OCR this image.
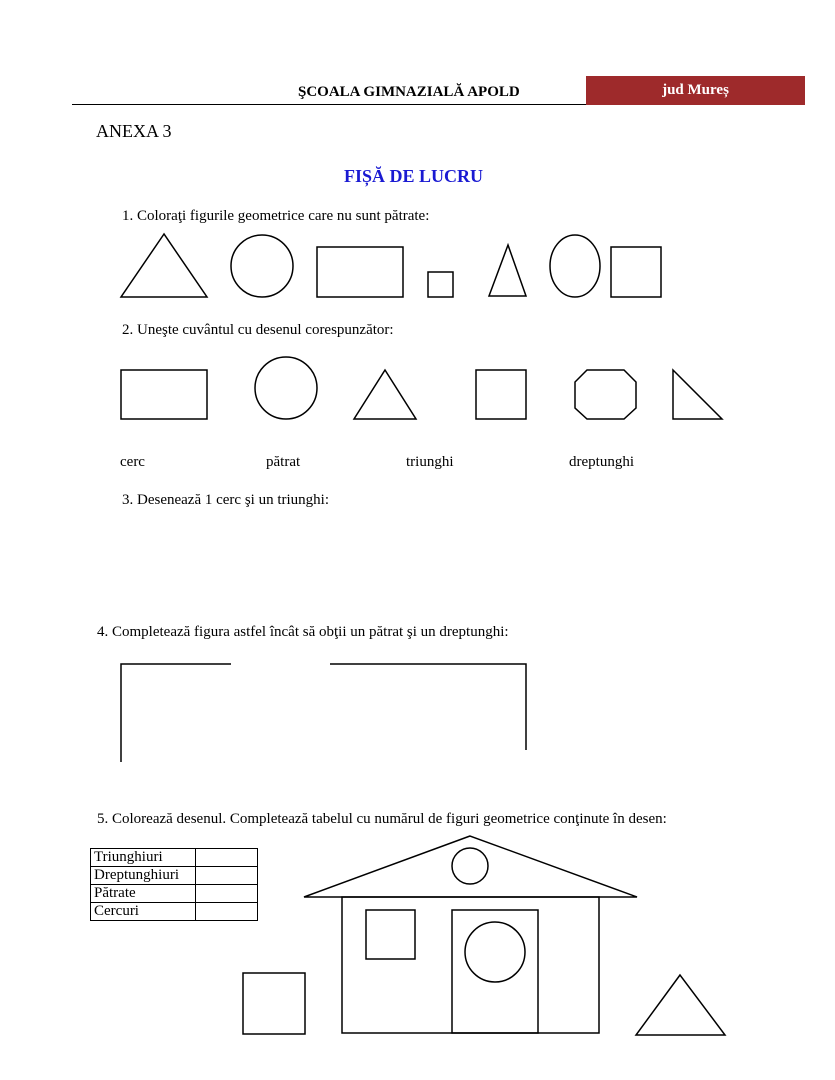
ŞCOALA GIMNAZIALĂ APOLD	jud Mureș
ANEXA 3
FIȘĂ DE LUCRU
1. Coloraţi figurile geometrice care nu sunt pătrate:
2. Uneşte cuvântul cu desenul corespunzător:
cerc	pătrat	triunghi	dreptunghi
3. Desenează 1 cerc şi un triunghi:
4. Completează figura astfel încât să obţii un pătrat şi un dreptunghi:
5. Colorează desenul. Completează tabelul cu numărul de figuri geometrice conţinute în desen:
Triunghiuri	
Dreptunghiuri	
Pătrate	
Cercuri	
